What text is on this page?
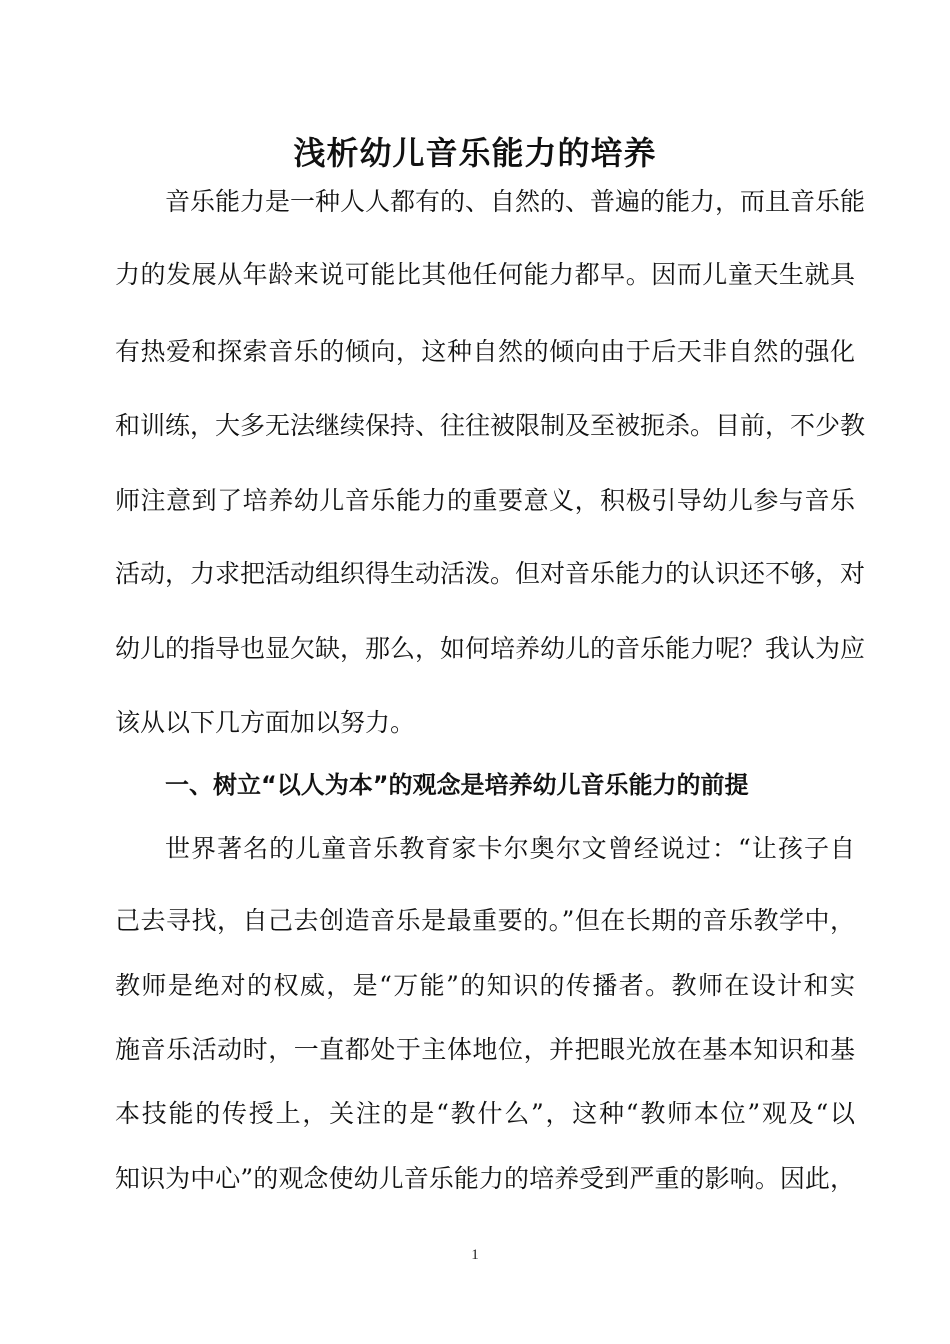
浅析幼儿音乐能力的培养

音乐能力是一种人人都有的、自然的、普遍的能力，而且音乐能

力的发展从年龄来说可能比其他任何能力都早。因而儿童天生就具

有热爱和探索音乐的倾向，这种自然的倾向由于后天非自然的强化

和训练，大多无法继续保持、往往被限制及至被扼杀。目前，不少教

师注意到了培养幼儿音乐能力的重要意义，积极引导幼儿参与音乐

活动，力求把活动组织得生动活泼。但对音乐能力的认识还不够，对

幼儿的指导也显欠缺，那么，如何培养幼儿的音乐能力呢？我认为应

该从以下几方面加以努力。

一、树立“以人为本”的观念是培养幼儿音乐能力的前提

世界著名的儿童音乐教育家卡尔奥尔文曾经说过：“让孩子自

己去寻找，自己去创造音乐是最重要的。”但在长期的音乐教学中，

教师是绝对的权威，是“万能”的知识的传播者。教师在设计和实

施音乐活动时，一直都处于主体地位，并把眼光放在基本知识和基

本技能的传授上，关注的是“教什么”，这种“教师本位”观及“以

知识为中心”的观念使幼儿音乐能力的培养受到严重的影响。因此，

1
